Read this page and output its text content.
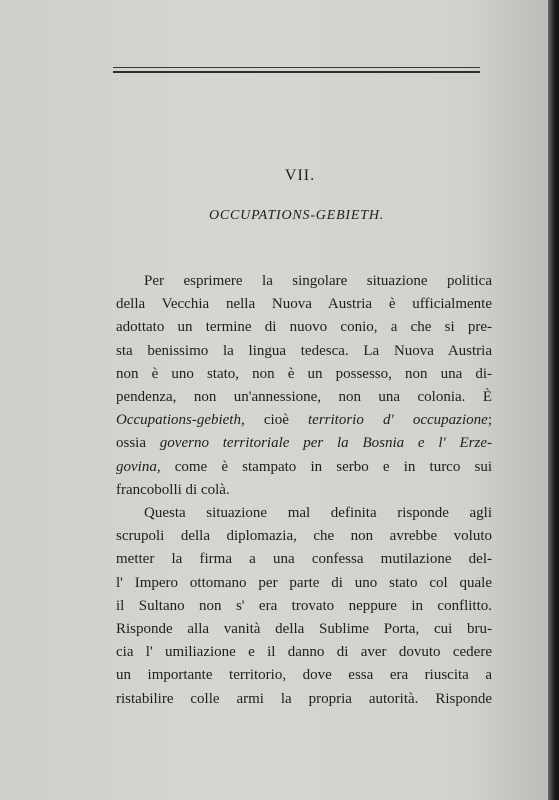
VII.
OCCUPATIONS-GEBIETH.
Per esprimere la singolare situazione politica
della Vecchia nella Nuova Austria è ufficialmente
adottato un termine di nuovo conio, a che si pre-
sta benissimo la lingua tedesca. La Nuova Austria
non è uno stato, non è un possesso, non una di-
pendenza, non un'annessione, non una colonia. È
Occupations-gebieth, cioè territorio d' occupazione;
ossia governo territoriale per la Bosnia e l' Erze-
govina, come è stampato in serbo e in turco sui
francobolli di colà.
Questa situazione mal definita risponde agli
scrupoli della diplomazia, che non avrebbe voluto
metter la firma a una confessa mutilazione del-
l' Impero ottomano per parte di uno stato col quale
il Sultano non s' era trovato neppure in conflitto.
Risponde alla vanità della Sublime Porta, cui bru-
cia l' umiliazione e il danno di aver dovuto cedere
un importante territorio, dove essa era riuscita a
ristabilire colle armi la propria autorità. Risponde
